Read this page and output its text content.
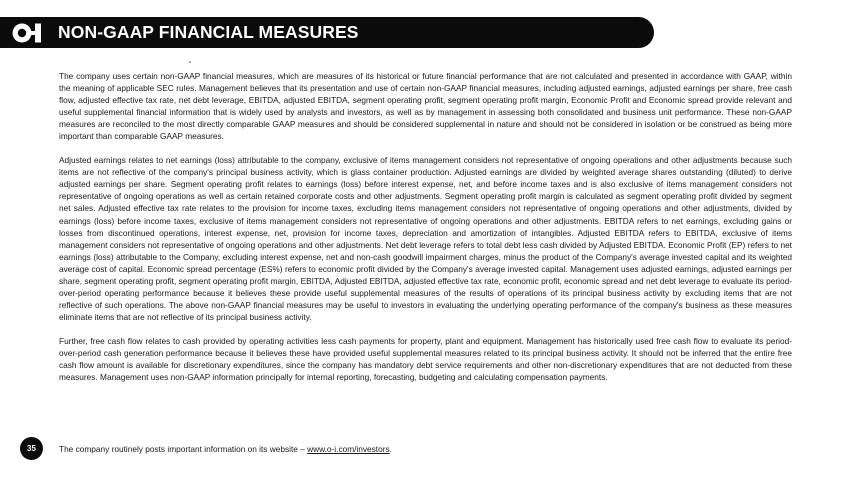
NON-GAAP FINANCIAL MEASURES

The company uses certain non-GAAP financial measures, which are measures of its historical or future financial performance that are not calculated and presented in accordance with GAAP, within the meaning of applicable SEC rules. Management believes that its presentation and use of certain non-GAAP financial measures, including adjusted earnings, adjusted earnings per share, free cash flow, adjusted effective tax rate, net debt leverage, EBITDA, adjusted EBITDA, segment operating profit, segment operating profit margin, Economic Profit and Economic spread provide relevant and useful supplemental financial information that is widely used by analysts and investors, as well as by management in assessing both consolidated and business unit performance. These non-GAAP measures are reconciled to the most directly comparable GAAP measures and should be considered supplemental in nature and should not be considered in isolation or be construed as being more important than comparable GAAP measures.

Adjusted earnings relates to net earnings (loss) attributable to the company, exclusive of items management considers not representative of ongoing operations and other adjustments because such items are not reflective of the company's principal business activity, which is glass container production. Adjusted earnings are divided by weighted average shares outstanding (diluted) to derive adjusted earnings per share. Segment operating profit relates to earnings (loss) before interest expense, net, and before income taxes and is also exclusive of items management considers not representative of ongoing operations as well as certain retained corporate costs and other adjustments. Segment operating profit margin is calculated as segment operating profit divided by segment net sales. Adjusted effective tax rate relates to the provision for income taxes, excluding items management considers not representative of ongoing operations and other adjustments, divided by earnings (loss) before income taxes, exclusive of items management considers not representative of ongoing operations and other adjustments. EBITDA refers to net earnings, excluding gains or losses from discontinued operations, interest expense, net, provision for income taxes, depreciation and amortization of intangibles. Adjusted EBITDA refers to EBITDA, exclusive of items management considers not representative of ongoing operations and other adjustments. Net debt leverage refers to total debt less cash divided by Adjusted EBITDA. Economic Profit (EP) refers to net earnings (loss) attributable to the Company, excluding interest expense, net and non-cash goodwill impairment charges, minus the product of the Company's average invested capital and its weighted average cost of capital. Economic spread percentage (ES%) refers to economic profit divided by the Company's average invested capital. Management uses adjusted earnings, adjusted earnings per share, segment operating profit, segment operating profit margin, EBITDA, Adjusted EBITDA, adjusted effective tax rate, economic profit, economic spread and net debt leverage to evaluate its period-over-period operating performance because it believes these provide useful supplemental measures of the results of operations of its principal business activity by excluding items that are not reflective of such operations. The above non-GAAP financial measures may be useful to investors in evaluating the underlying operating performance of the company's business as these measures eliminate items that are not reflective of its principal business activity.

Further, free cash flow relates to cash provided by operating activities less cash payments for property, plant and equipment. Management has historically used free cash flow to evaluate its period-over-period cash generation performance because it believes these have provided useful supplemental measures related to its principal business activity. It should not be inferred that the entire free cash flow amount is available for discretionary expenditures, since the company has mandatory debt service requirements and other non-discretionary expenditures that are not deducted from these measures. Management uses non-GAAP information principally for internal reporting, forecasting, budgeting and calculating compensation payments.

35	The company routinely posts important information on its website – www.o-i.com/investors.
